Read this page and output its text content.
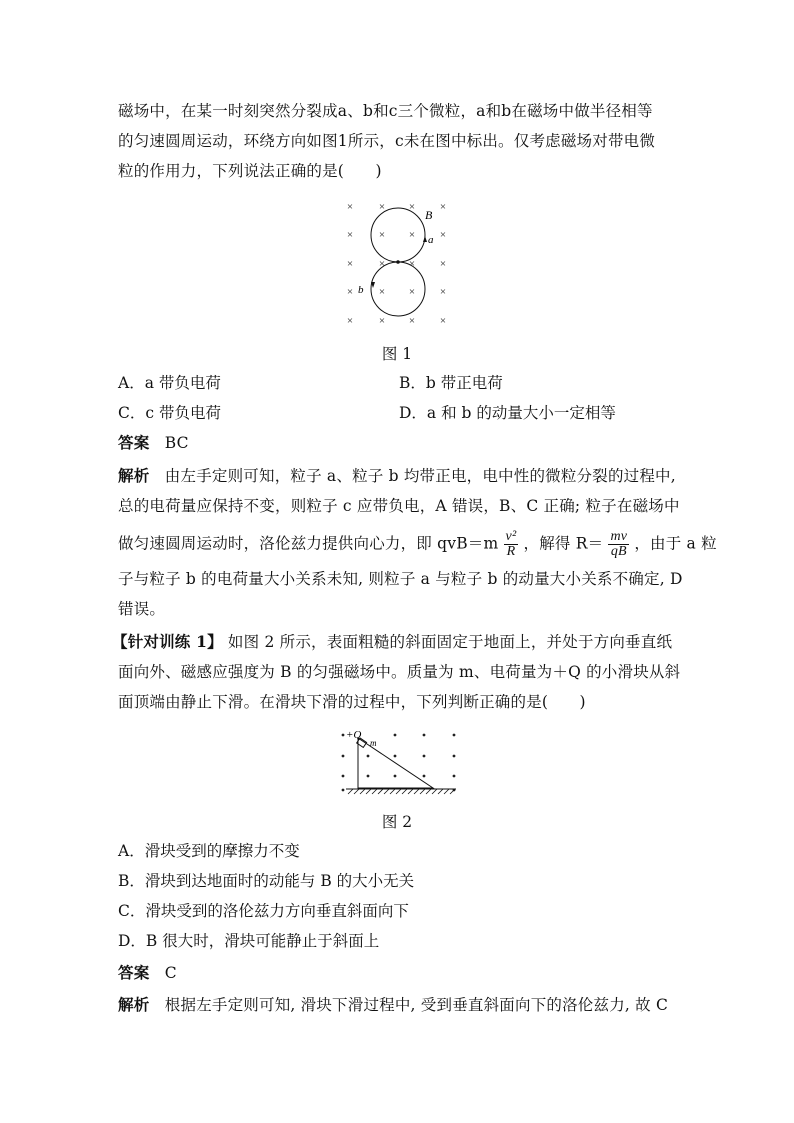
磁场中，在某一时刻突然分裂成a、b和c三个微粒，a和b在磁场中做半径相等
的匀速圆周运动，环绕方向如图1所示，c未在图中标出。仅考虑磁场对带电微
粒的作用力，下列说法正确的是(　　)
× × × ×
× × × ×
× × × ×
× × × ×
× × × ×
B
a
b
图 1
A．a 带负电荷	B．b 带正电荷
C．c 带负电荷	D．a 和 b 的动量大小一定相等
答案 BC
解析 由左手定则可知，粒子 a、粒子 b 均带正电，电中性的微粒分裂的过程中,
总的电荷量应保持不变，则粒子 c 应带负电，A 错误，B、C 正确; 粒子在磁场中
做匀速圆周运动时，洛伦兹力提供向心力，即 $qvB=m \frac{\text{v²}}{R}$ ，解得 $R= \frac{mv}{qB}$ ，由于 a 粒
子与粒子 b 的电荷量大小关系未知, 则粒子 a 与粒子 b 的动量大小关系不确定, D
错误。
【针对训练 1】 如图 2 所示，表面粗糙的斜面固定于地面上，并处于方向垂直纸
面向外、磁感应强度为 B 的匀强磁场中。质量为 m、电荷量为＋Q 的小滑块从斜
面顶端由静止下滑。在滑块下滑的过程中，下列判断正确的是(　　)
+Q
m
图 2
A．滑块受到的摩擦力不变
B．滑块到达地面时的动能与 B 的大小无关
C．滑块受到的洛伦兹力方向垂直斜面向下
D．B 很大时，滑块可能静止于斜面上
答案 C
解析 根据左手定则可知, 滑块下滑过程中, 受到垂直斜面向下的洛伦兹力, 故 C
